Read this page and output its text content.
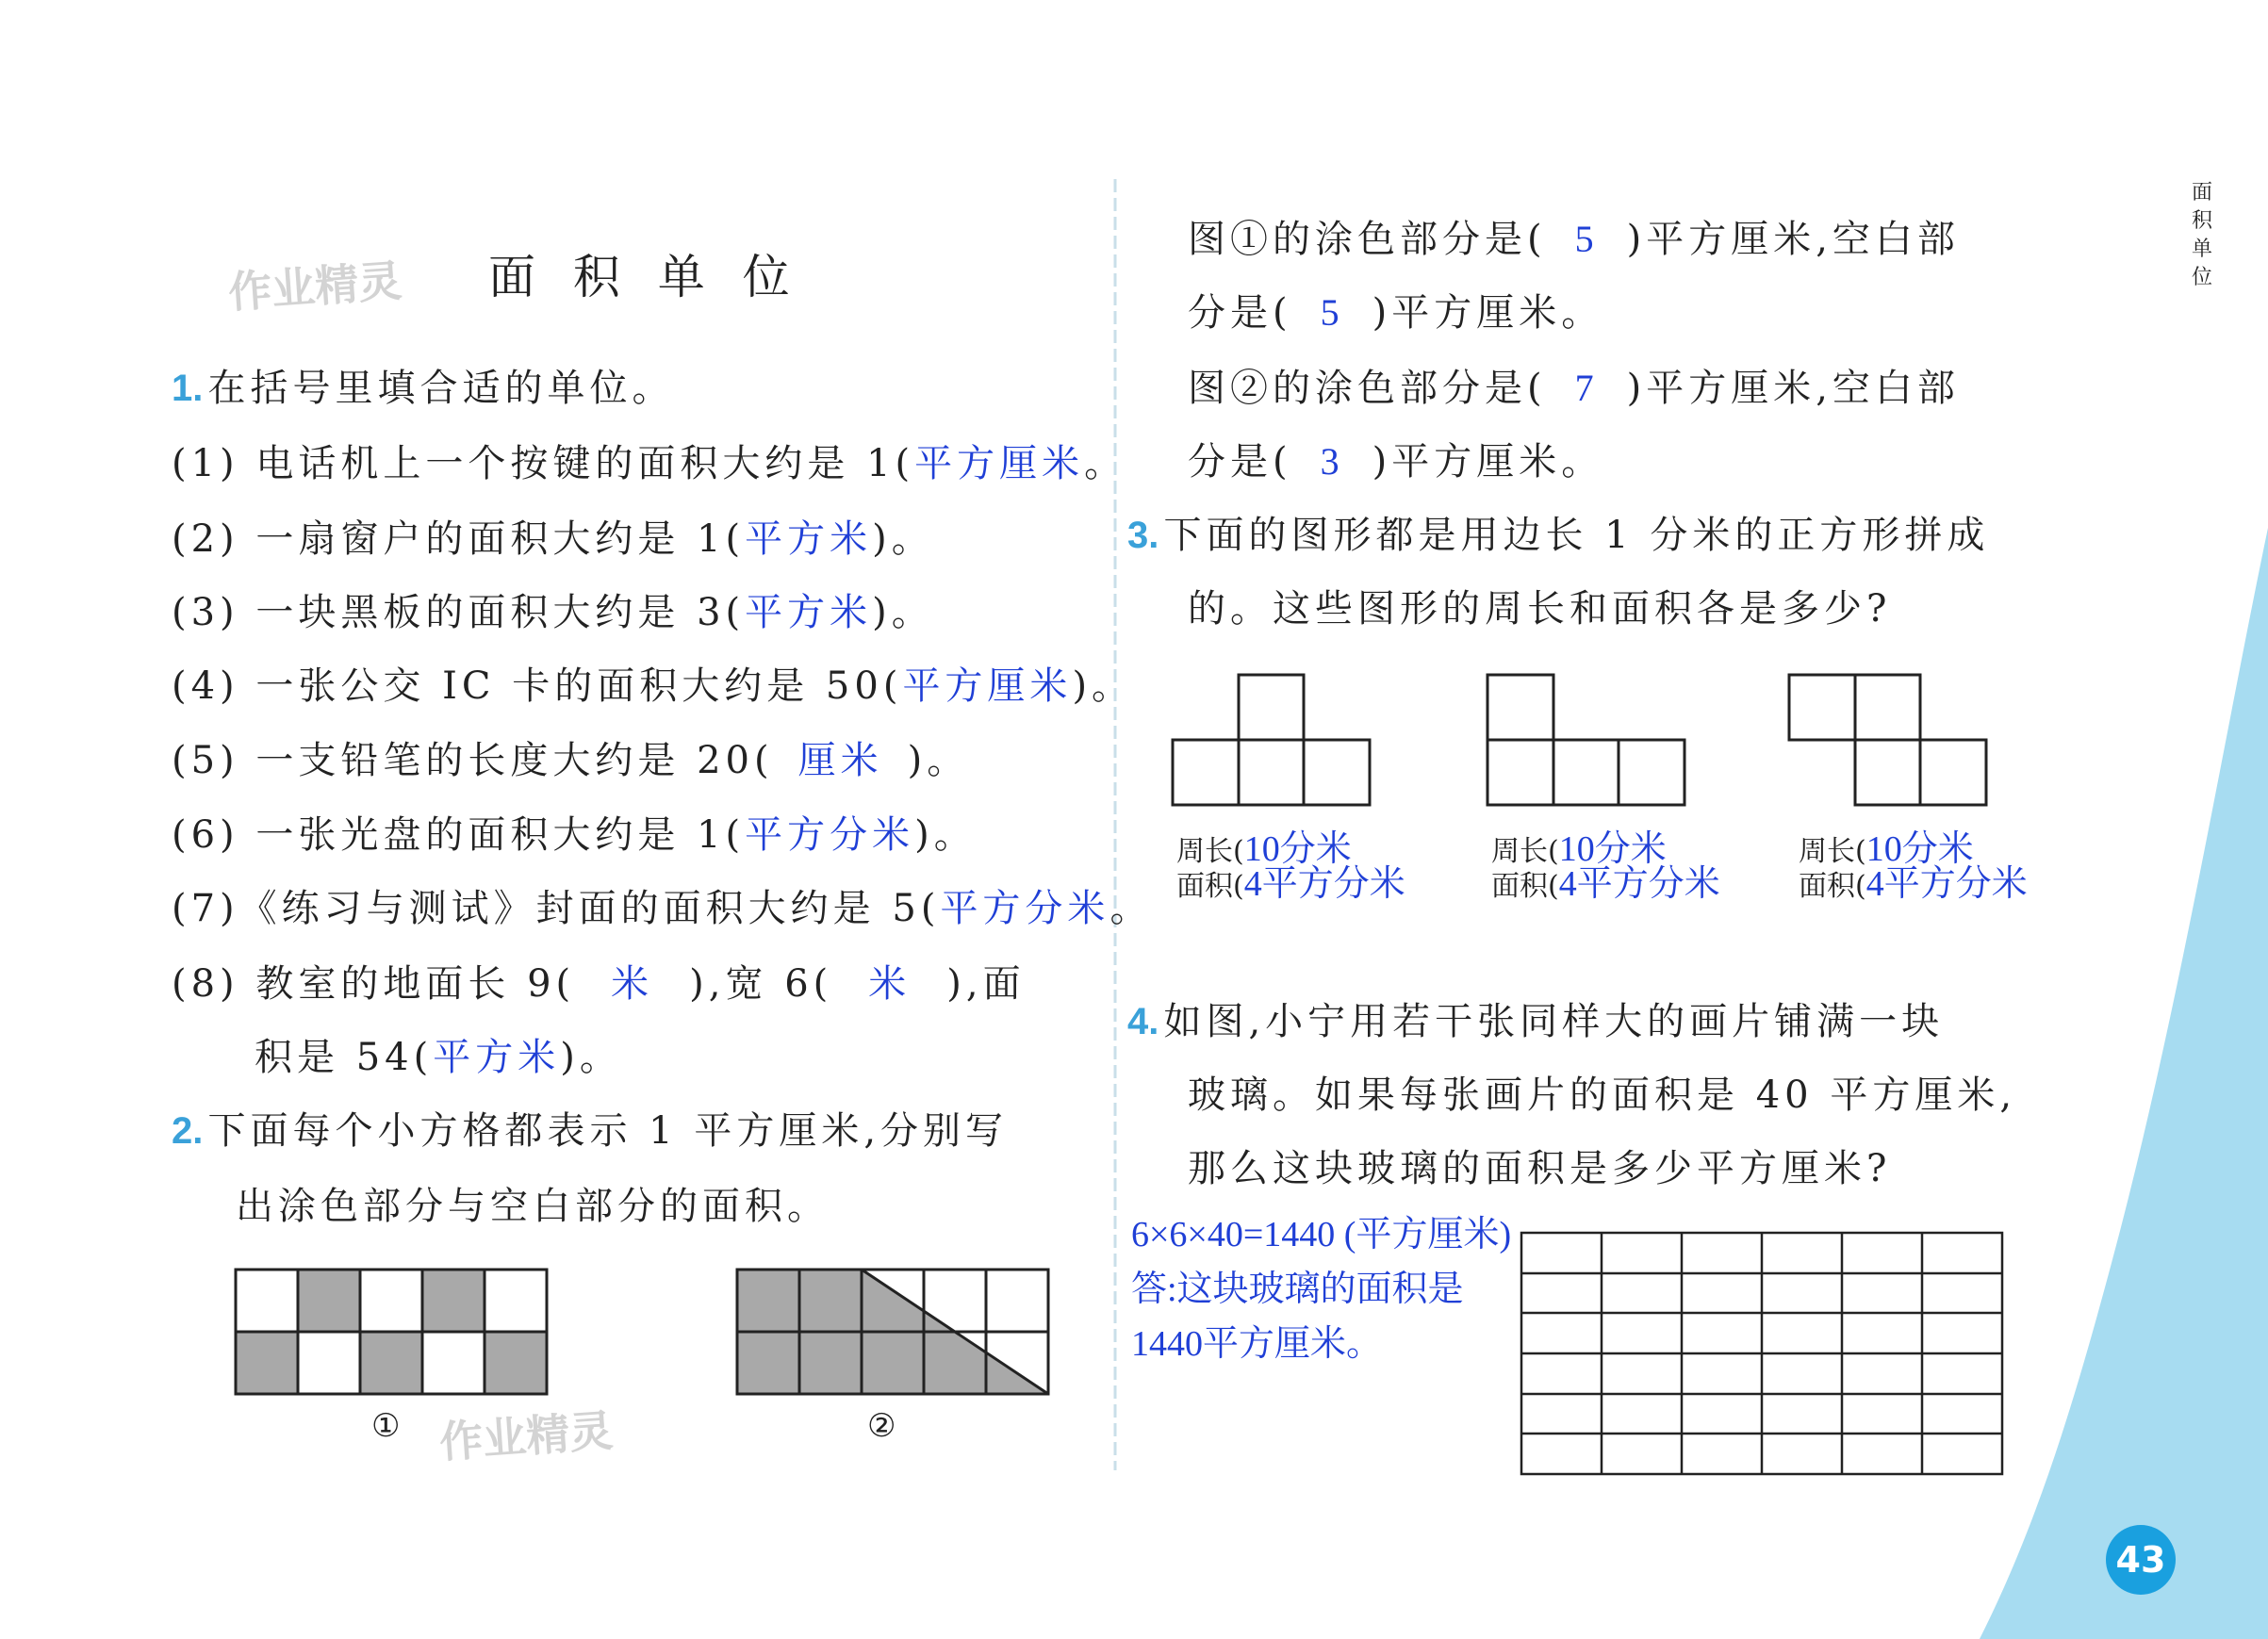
面
积
单
位
作业精灵 面 积 单 位
1. 在括号里填合适的单位。
(1) 电话机上一个按键的面积大约是 1(平方厘米。
(2) 一扇窗户的面积大约是 1(平方米)。
(3) 一块黑板的面积大约是 3(平方米)。
(4) 一张公交 IC 卡的面积大约是 50(平方厘米)。
(5) 一支铅笔的长度大约是 20( 厘米 )。
(6) 一张光盘的面积大约是 1(平方分米)。
(7)《练习与测试》封面的面积大约是 5(平方分米。
(8) 教室的地面长 9( 米 ),宽 6( 米 ),面
积是 54(平方米)。
2. 下面每个小方格都表示 1 平方厘米,分别写
出涂色部分与空白部分的面积。
① 作业精灵	②
图①的涂色部分是( 5 )平方厘米,空白部
分是( 5 )平方厘米。
图②的涂色部分是( 7 )平方厘米,空白部
分是( 3 )平方厘米。
3. 下面的图形都是用边长 1 分米的正方形拼成
的。这些图形的周长和面积各是多少?
周长(10分米
面积(4平方分米
周长(10分米
面积(4平方分米
周长(10分米
面积(4平方分米
4. 如图,小宁用若干张同样大的画片铺满一块
玻璃。如果每张画片的面积是 40 平方厘米,
那么这块玻璃的面积是多少平方厘米?
6×6×40=1440 (平方厘米)
答:这块玻璃的面积是
1440平方厘米。
43
